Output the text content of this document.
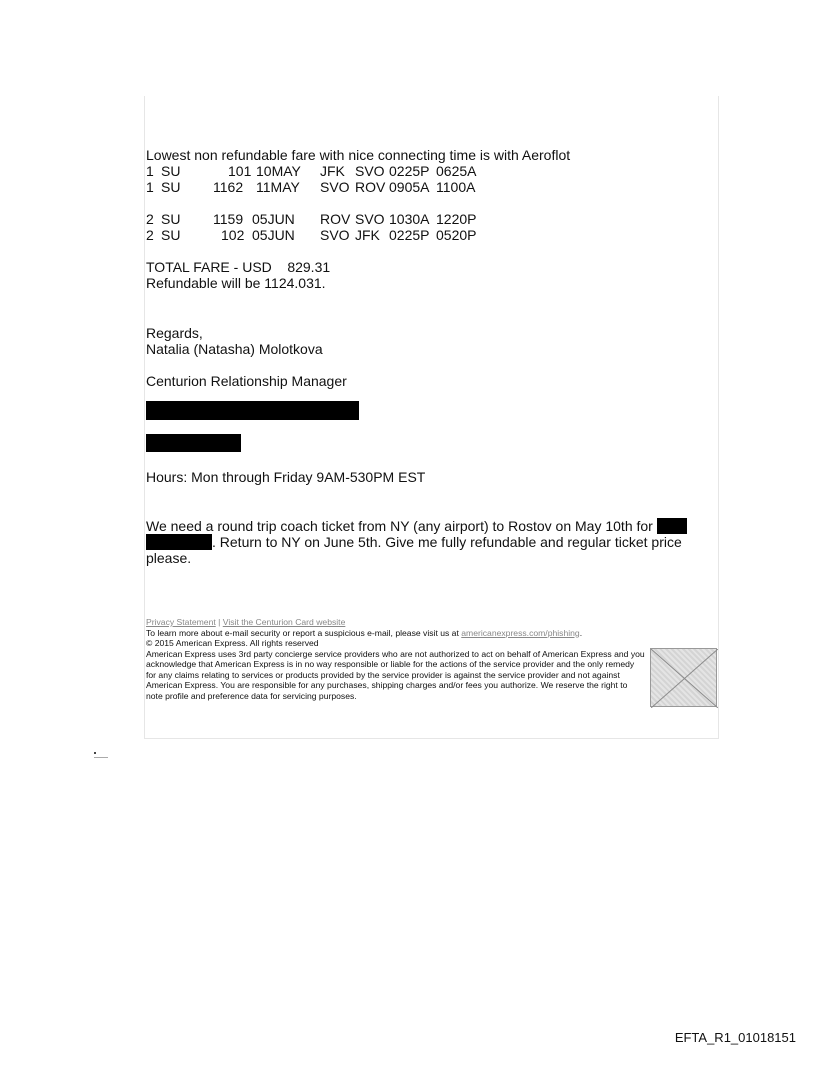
Lowest non refundable fare with nice connecting time is with Aeroflot

1

SU

	101

10MAY

JFK

SVO

0225P

0625A

1

SU

1162

11MAY

SVO

ROV

0905A

1100A

2

SU

1159

05JUN

ROV

SVO

1030A

1220P

2

SU

	102

05JUN

SVO

JFK

0225P

0520P

TOTAL FARE - USD    829.31

Refundable will be 1124.031.

Regards,

Natalia (Natasha) Molotkova

Centurion Relationship Manager

Hours: Mon through Friday 9AM-530PM EST

We need a round trip coach ticket from NY (any airport) to Rostov on May 10th for  . Return to NY on June 5th. Give me fully refundable and regular ticket price please.

Privacy Statement | Visit the Centurion Card website

To learn more about e-mail security or report a suspicious e-mail, please visit us at americanexpress.com/phishing.

© 2015 American Express. All rights reserved

American Express uses 3rd party concierge service providers who are not authorized to act on behalf of American Express and you acknowledge that American Express is in no way responsible or liable for the actions of the service provider and the only remedy for any claims relating to services or products provided by the service provider is against the service provider and not against American Express. You are responsible for any purchases, shipping charges and/or fees you authorize. We reserve the right to note profile and preference data for servicing purposes.

EFTA_R1_01018151
